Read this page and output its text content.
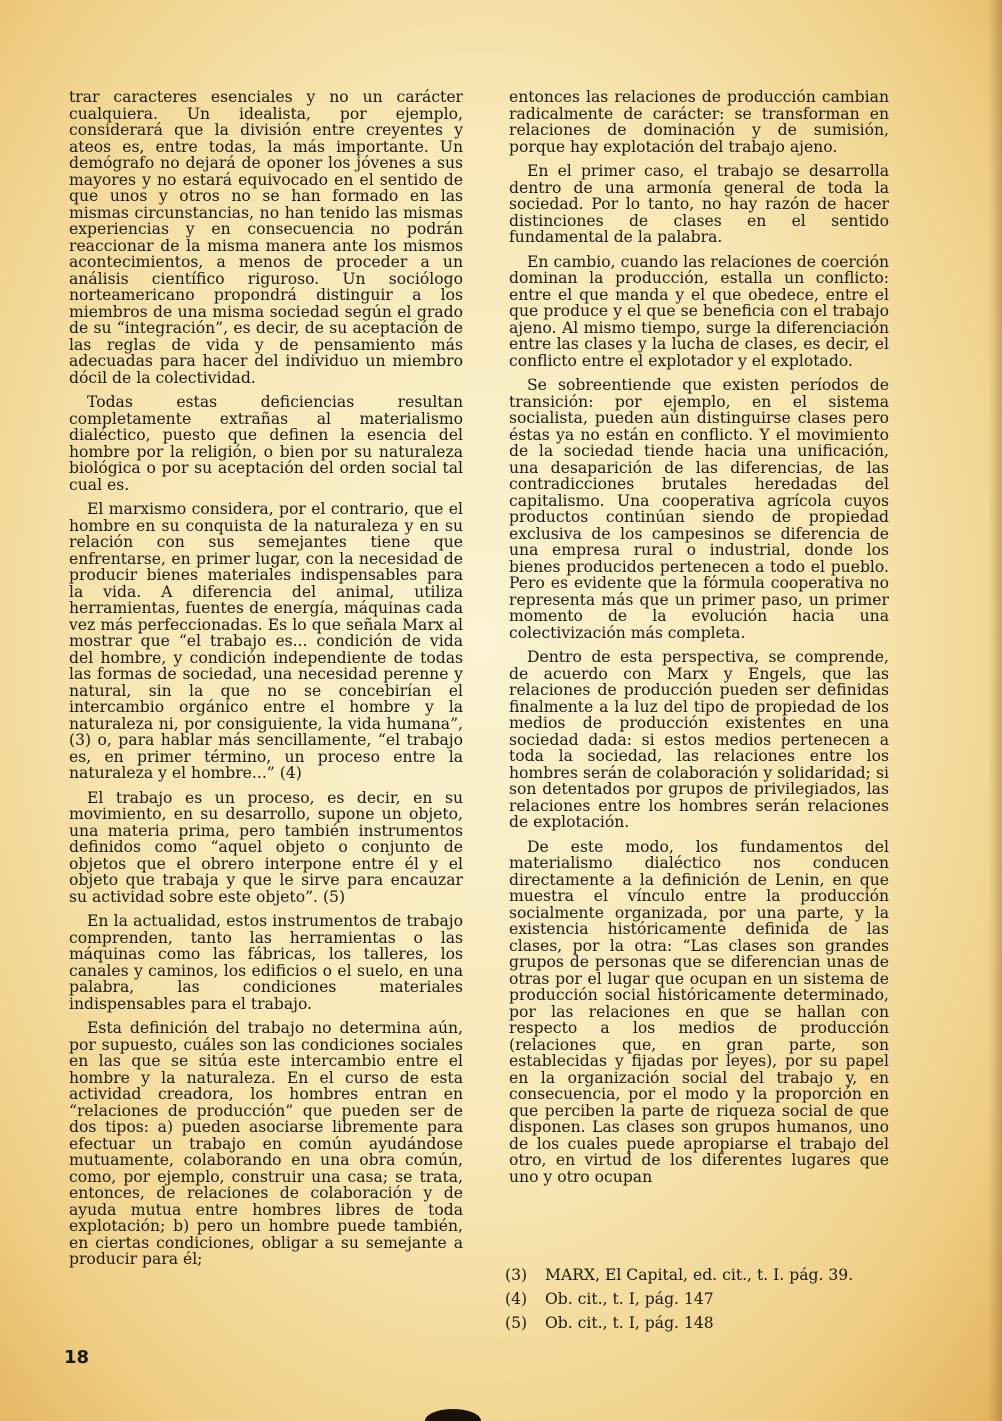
trar caracteres esenciales y no un carácter cualquiera. Un idealista, por ejemplo, considerará que la división entre creyentes y ateos es, entre todas, la más importante. Un demógrafo no dejará de oponer los jóvenes a sus mayores y no estará equivocado en el sentido de que unos y otros no se han formado en las mismas circunstancias, no han tenido las mismas experiencias y en consecuencia no podrán reaccionar de la misma manera ante los mismos acontecimientos, a menos de proceder a un análisis científico riguroso. Un sociólogo norteamericano propondrá distinguir a los miembros de una misma sociedad según el grado de su “integración”, es decir, de su aceptación de las reglas de vida y de pensamiento más adecuadas para hacer del individuo un miembro dócil de la colectividad.

Todas estas deficiencias resultan completamente extrañas al materialismo dialéctico, puesto que definen la esencia del hombre por la religión, o bien por su naturaleza biológica o por su aceptación del orden social tal cual es.

El marxismo considera, por el contrario, que el hombre en su conquista de la naturaleza y en su relación con sus semejantes tiene que enfrentarse, en primer lugar, con la necesidad de producir bienes materiales indispensables para la vida. A diferencia del animal, utiliza herramientas, fuentes de energía, máquinas cada vez más perfeccionadas. Es lo que señala Marx al mostrar que “el trabajo es... condición de vida del hombre, y condición independiente de todas las formas de sociedad, una necesidad perenne y natural, sin la que no se concebirían el intercambio orgánico entre el hombre y la naturaleza ni, por consiguiente, la vida humana”, (3) o, para hablar más sencillamente, “el trabajo es, en primer término, un proceso entre la naturaleza y el hombre...” (4)

El trabajo es un proceso, es decir, en su movimiento, en su desarrollo, supone un objeto, una materia prima, pero también instrumentos definidos como “aquel objeto o conjunto de objetos que el obrero interpone entre él y el objeto que trabaja y que le sirve para encauzar su actividad sobre este objeto”. (5)

En la actualidad, estos instrumentos de trabajo comprenden, tanto las herramientas o las máquinas como las fábricas, los talleres, los canales y caminos, los edificios o el suelo, en una palabra, las condiciones materiales indispensables para el trabajo.

Esta definición del trabajo no determina aún, por supuesto, cuáles son las condiciones sociales en las que se sitúa este intercambio entre el hombre y la naturaleza. En el curso de esta actividad creadora, los hombres entran en “relaciones de producción” que pueden ser de dos tipos: a) pueden asociarse libremente para efectuar un trabajo en común ayudándose mutuamente, colaborando en una obra común, como, por ejemplo, construir una casa; se trata, entonces, de relaciones de colaboración y de ayuda mutua entre hombres libres de toda explotación; b) pero un hombre puede también, en ciertas condiciones, obligar a su semejante a producir para él;

entonces las relaciones de producción cambian radicalmente de carácter: se transforman en relaciones de dominación y de sumisión, porque hay explotación del trabajo ajeno.

En el primer caso, el trabajo se desarrolla dentro de una armonía general de toda la sociedad. Por lo tanto, no hay razón de hacer distinciones de clases en el sentido fundamental de la palabra.

En cambio, cuando las relaciones de coerción dominan la producción, estalla un conflicto: entre el que manda y el que obedece, entre el que produce y el que se beneficia con el trabajo ajeno. Al mismo tiempo, surge la diferenciación entre las clases y la lucha de clases, es decir, el conflicto entre el explotador y el explotado.

Se sobreentiende que existen períodos de transición: por ejemplo, en el sistema socialista, pueden aún distinguirse clases pero éstas ya no están en conflicto. Y el movimiento de la sociedad tiende hacia una unificación, una desaparición de las diferencias, de las contradicciones brutales heredadas del capitalismo. Una cooperativa agrícola cuyos productos continúan siendo de propiedad exclusiva de los campesinos se diferencia de una empresa rural o industrial, donde los bienes producidos pertenecen a todo el pueblo. Pero es evidente que la fórmula cooperativa no representa más que un primer paso, un primer momento de la evolución hacia una colectivización más completa.

Dentro de esta perspectiva, se comprende, de acuerdo con Marx y Engels, que las relaciones de producción pueden ser definidas finalmente a la luz del tipo de propiedad de los medios de producción existentes en una sociedad dada: si estos medios pertenecen a toda la sociedad, las relaciones entre los hombres serán de colaboración y solidaridad; si son detentados por grupos de privilegiados, las relaciones entre los hombres serán relaciones de explotación.

De este modo, los fundamentos del materialismo dialéctico nos conducen directamente a la definición de Lenin, en que muestra el vínculo entre la producción socialmente organizada, por una parte, y la existencia históricamente definida de las clases, por la otra: “Las clases son grandes grupos de personas que se diferencian unas de otras por el lugar que ocupan en un sistema de producción social históricamente determinado, por las relaciones en que se hallan con respecto a los medios de producción (relaciones que, en gran parte, son establecidas y fijadas por leyes), por su papel en la organización social del trabajo y, en consecuencia, por el modo y la proporción en que perciben la parte de riqueza social de que disponen. Las clases son grupos humanos, uno de los cuales puede apropiarse el trabajo del otro, en virtud de los diferentes lugares que uno y otro ocupan

(3) MARX, El Capital, ed. cit., t. I. pág. 39.
(4) Ob. cit., t. I, pág. 147
(5) Ob. cit., t. I, pág. 148
18
